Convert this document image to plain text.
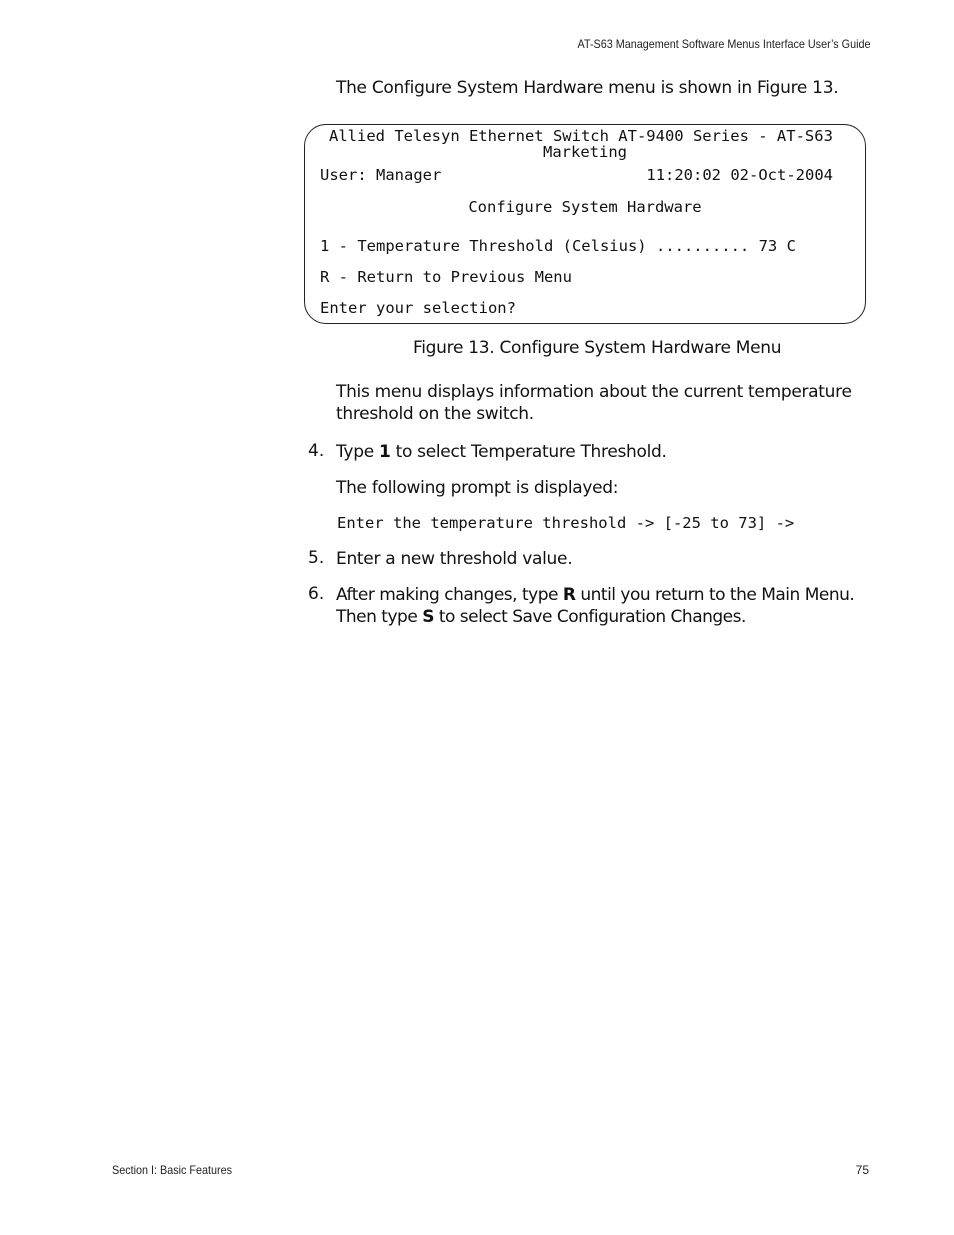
AT-S63 Management Software Menus Interface User’s Guide
The Configure System Hardware menu is shown in Figure 13.
Allied Telesyn Ethernet Switch AT-9400 Series - AT-S63
Marketing
User: Manager	11:20:02 02-Oct-2004
Configure System Hardware
1 - Temperature Threshold (Celsius) .......... 73 C
R - Return to Previous Menu
Enter your selection?
Figure 13. Configure System Hardware Menu
This menu displays information about the current temperature threshold on the switch.
4. Type 1 to select Temperature Threshold.
The following prompt is displayed:
Enter the temperature threshold -> [-25 to 73] ->
5. Enter a new threshold value.
6. After making changes, type R until you return to the Main Menu. Then type S to select Save Configuration Changes.
Section I: Basic Features	75
